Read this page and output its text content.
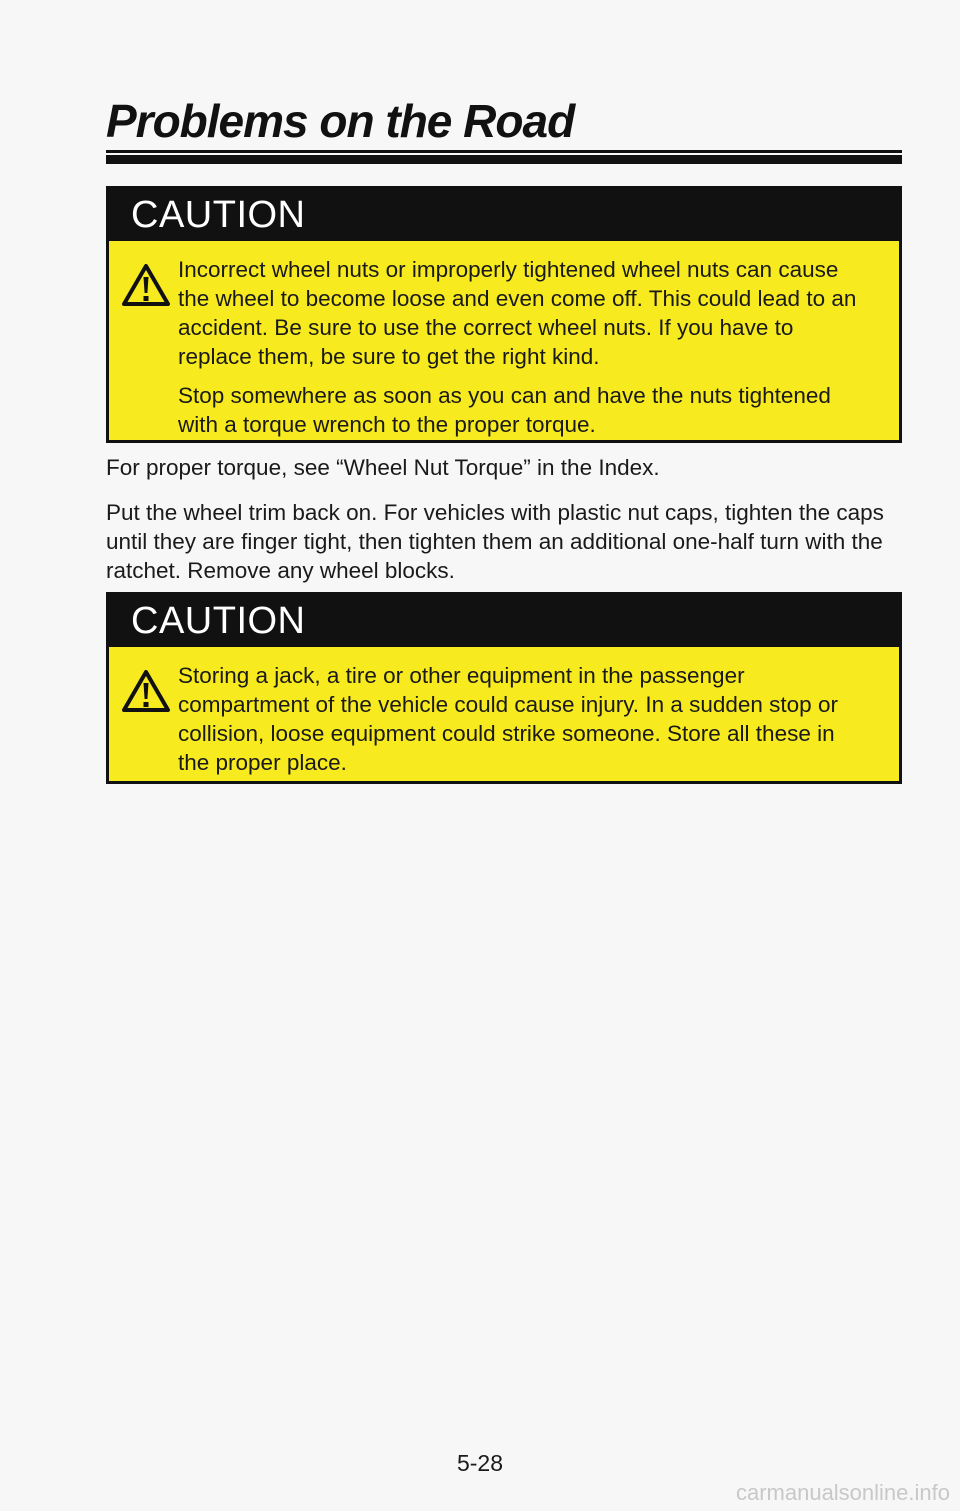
Problems on the Road
CAUTION

Incorrect wheel nuts or improperly tightened wheel nuts can cause the wheel to become loose and even come off. This could lead to an accident. Be sure to use the correct wheel nuts. If you have to replace them, be sure to get the right kind.

Stop somewhere as soon as you can and have the nuts tightened with a torque wrench to the proper torque.

For proper torque, see “Wheel Nut Torque” in the Index.

Put the wheel trim back on. For vehicles with plastic nut caps, tighten the caps until they are finger tight, then tighten them an additional one-half turn with the ratchet. Remove any wheel blocks.

CAUTION

Storing a jack, a tire or other equipment in the passenger compartment of the vehicle could cause injury. In a sudden stop or collision, loose equipment could strike someone. Store all these in the proper place.

5-28
carmanualsonline.info
